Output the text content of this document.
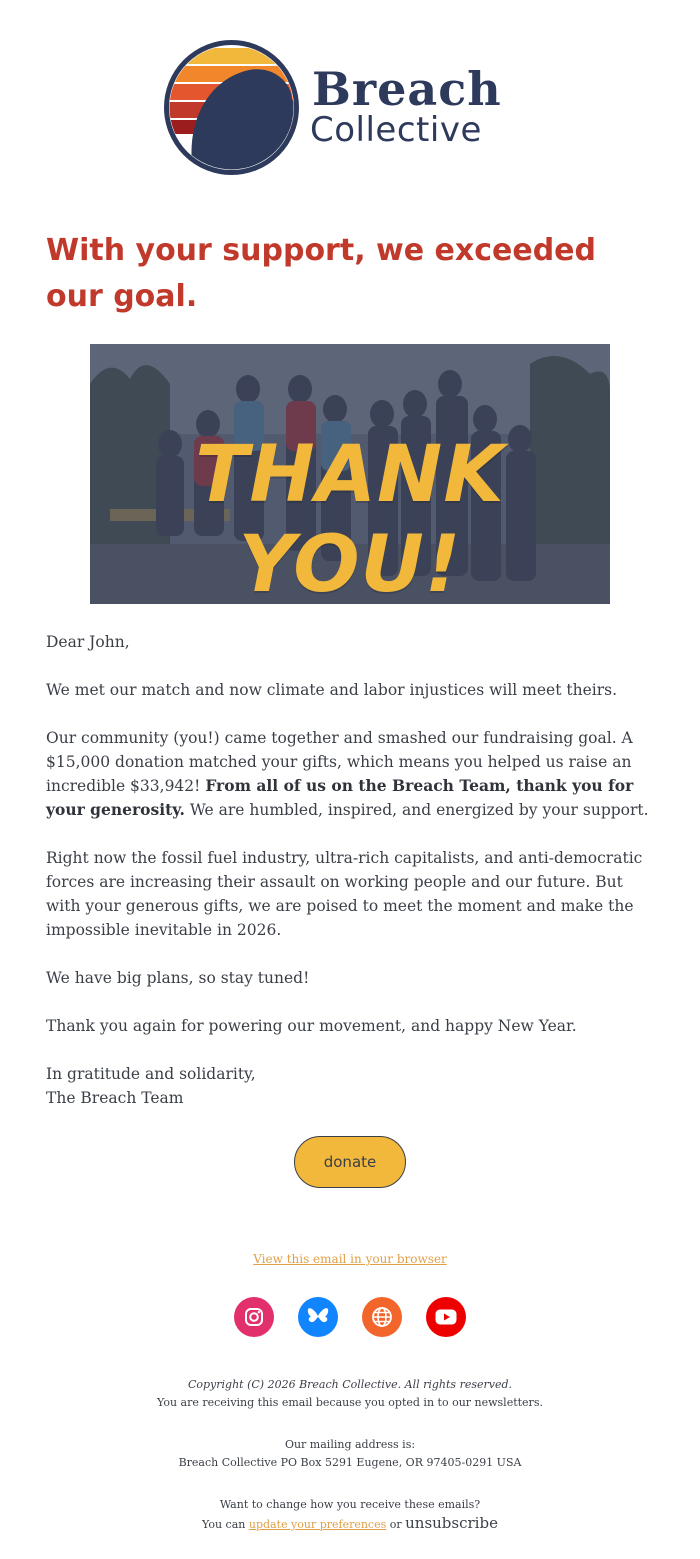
Breach
Collective
With your support, we exceeded our goal.
THANK YOU!

Dear John,

We met our match and now climate and labor injustices will meet theirs.

Our community (you!) came together and smashed our fundraising goal. A $15,000 donation matched your gifts, which means you helped us raise an incredible $33,942! From all of us on the Breach Team, thank you for your generosity. We are humbled, inspired, and energized by your support.

Right now the fossil fuel industry, ultra-rich capitalists, and anti-democratic forces are increasing their assault on working people and our future. But with your generous gifts, we are poised to meet the moment and make the impossible inevitable in 2026.

We have big plans, so stay tuned!

Thank you again for powering our movement, and happy New Year.

In gratitude and solidarity,
The Breach Team

donate
View this email in your browser
Copyright (C) 2026 Breach Collective. All rights reserved.
You are receiving this email because you opted in to our newsletters.
Our mailing address is:
Breach Collective PO Box 5291 Eugene, OR 97405-0291 USA
Want to change how you receive these emails?
You can update your preferences or unsubscribe
